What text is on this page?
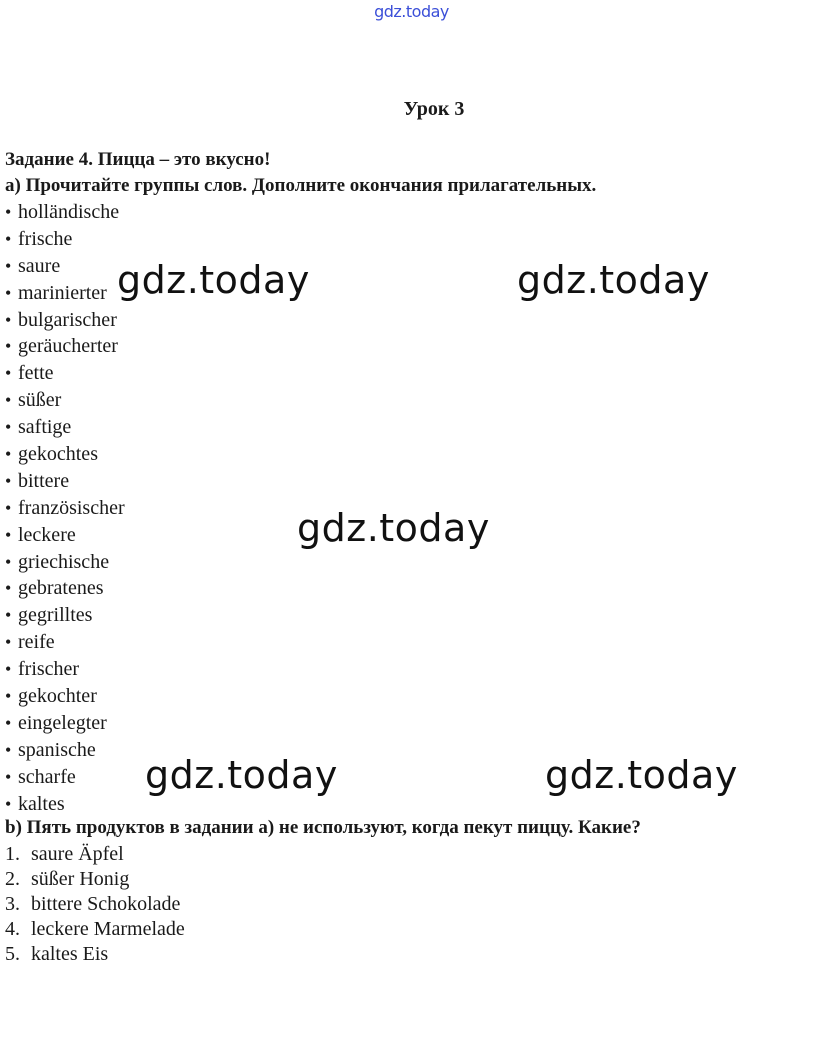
gdz.today
Урок 3
Задание 4. Пицца – это вкусно!
а) Прочитайте группы слов. Дополните окончания прилагательных.
• holländische
• frische
• saure
• marinierter
• bulgarischer
• geräucherter
• fette
• süßer
• saftige
• gekochtes
• bittere
• französischer
• leckere
• griechische
• gebratenes
• gegrilltes
• reife
• frischer
• gekochter
• eingelegter
• spanische
• scharfe
• kaltes
b) Пять продуктов в задании а) не используют, когда пекут пиццу. Какие?
1. saure Äpfel
2. süßer Honig
3. bittere Schokolade
4. leckere Marmelade
5. kaltes Eis
gdz.today	gdz.today
gdz.today
gdz.today	gdz.today
